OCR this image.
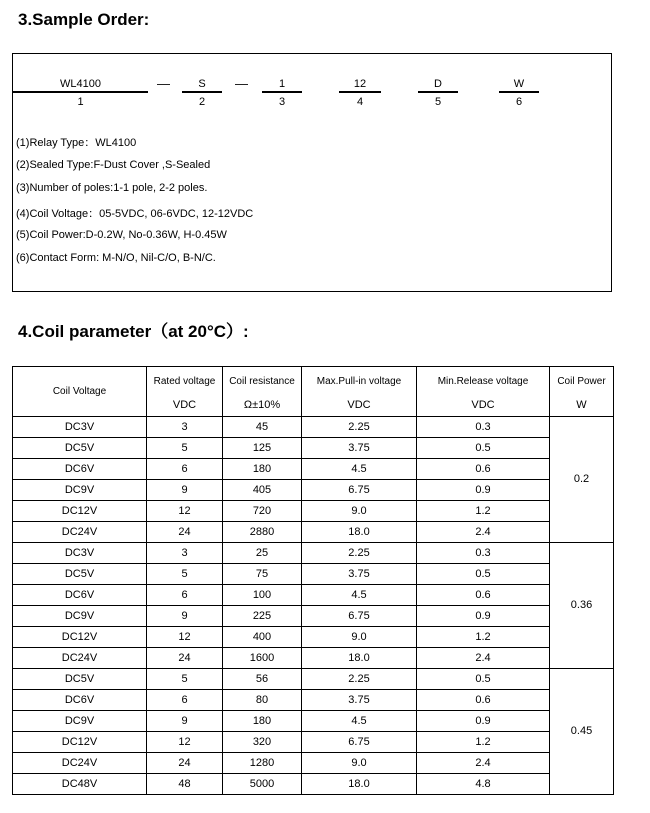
3.Sample Order:
WL4100
1
—	S
2
—	1
3
12
4
D
5
W
6
(1)Relay Type：WL4100
(2)Sealed Type:F-Dust Cover ,S-Sealed
(3)Number of poles:1-1 pole, 2-2 poles.
(4)Coil Voltage：05-5VDC, 06-6VDC, 12-12VDC
(5)Coil Power:D-0.2W, No-0.36W, H-0.45W
(6)Contact Form: M-N/O, Nil-C/O, B-N/C.
4.Coil parameter（at 20°C）:
Coil Voltage	Rated voltage	Coil resistance	Max.Pull-in voltage	Min.Release voltage	Coil Power
	VDC	Ω±10%	VDC	VDC	W
DC3V	3	45	2.25	0.3	0.2
DC5V	5	125	3.75	0.5	
DC6V	6	180	4.5	0.6	
DC9V	9	405	6.75	0.9	
DC12V	12	720	9.0	1.2	
DC24V	24	2880	18.0	2.4	
DC3V	3	25	2.25	0.3	0.36
DC5V	5	75	3.75	0.5	
DC6V	6	100	4.5	0.6	
DC9V	9	225	6.75	0.9	
DC12V	12	400	9.0	1.2	
DC24V	24	1600	18.0	2.4	
DC5V	5	56	2.25	0.5	0.45
DC6V	6	80	3.75	0.6	
DC9V	9	180	4.5	0.9	
DC12V	12	320	6.75	1.2	
DC24V	24	1280	9.0	2.4	
DC48V	48	5000	18.0	4.8	
